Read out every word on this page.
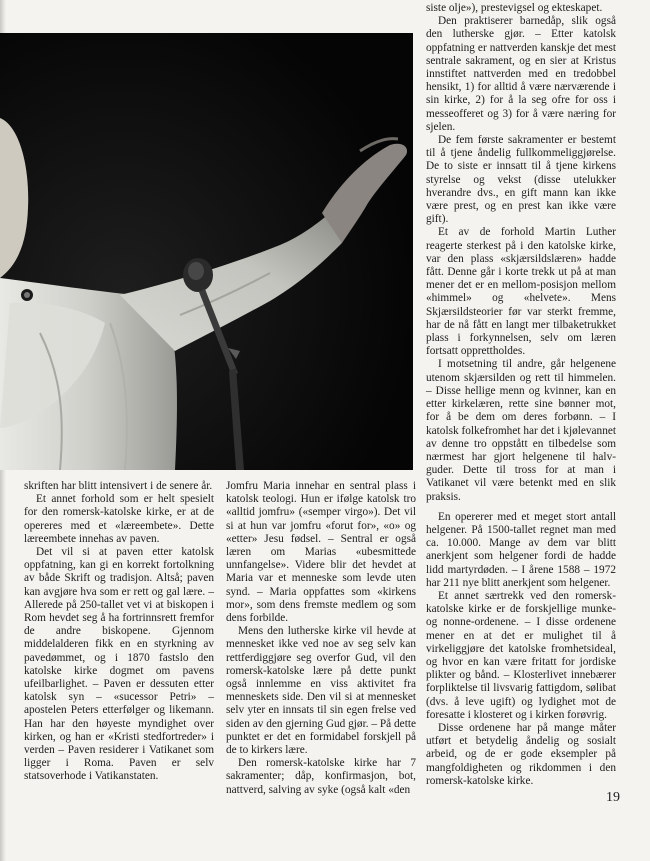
skriften har blitt intensivert i de senere år.

Et annet forhold som er helt spesielt for den romersk-katolske kirke, er at de opereres med et «læreembete». Dette læreembete innehas av paven.

Det vil si at paven etter katolsk oppfatning, kan gi en korrekt fortolkning av både Skrift og tradisjon. Altså; paven kan avgjøre hva som er rett og gal lære. – Allerede på 250-tallet vet vi at biskopen i Rom hevdet seg å ha fortrinnsrett fremfor de andre biskopene. Gjennom middelalderen fikk en en styrkning av pavedømmet, og i 1870 fastslo den katolske kirke dogmet om pavens ufeilbarlighet. – Paven er dessuten etter katolsk syn – «sucessor Petri» – apostelen Peters etterfølger og likemann. Han har den høyeste myndighet over kirken, og han er «Kristi stedfortreder» i verden – Paven residerer i Vatikanet som ligger i Roma. Paven er selv statsoverhode i Vatikanstaten.

Jomfru Maria innehar en sentral plass i katolsk teologi. Hun er ifølge katolsk tro «alltid jomfru» («semper virgo»). Det vil si at hun var jomfru «forut for», «ο» og «etter» Jesu fødsel. – Sentral er også læren om Marias «ubesmittede unnfangelse». Videre blir det hevdet at Maria var et menneske som levde uten synd. – Maria oppfattes som «kirkens mor», som dens fremste medlem og som dens forbilde.

Mens den lutherske kirke vil hevde at mennesket ikke ved noe av seg selv kan rettferdiggjøre seg overfor Gud, vil den romersk-katolske lære på dette punkt også innlemme en viss aktivitet fra menneskets side. Den vil si at mennesket selv yter en innsats til sin egen frelse ved siden av den gjerning Gud gjør. – På dette punktet er det en formidabel forskjell på de to kirkers lære.

Den romersk-katolske kirke har 7 sakramenter; dåp, konfirmasjon, bot, nattverd, salving av syke (også kalt «den

siste olje»), prestevigsel og ekteskapet.

Den praktiserer barnedåp, slik også den lutherske gjør. – Etter katolsk oppfatning er nattverden kanskje det mest sentrale sakrament, og en sier at Kristus innstiftet nattverden med en tredobbel hensikt, 1) for alltid å være nærværende i sin kirke, 2) for å la seg ofre for oss i messeofferet og 3) for å være næring for sjelen.

De fem første sakramenter er bestemt til å tjene åndelig fullkommeliggjørelse. De to siste er innsatt til å tjene kirkens styrelse og vekst (disse utelukker hverandre dvs., en gift mann kan ikke være prest, og en prest kan ikke være gift).

Et av de forhold Martin Luther reagerte sterkest på i den katolske kirke, var den plass «skjærsildslæren» hadde fått. Denne går i korte trekk ut på at man mener det er en mellom-posisjon mellom «himmel» og «helvete». Mens Skjærsildsteorier før var sterkt fremme, har de nå fått en langt mer tilbaketrukket plass i forkynnelsen, selv om læren fortsatt opprettholdes.

I motsetning til andre, går helgenene utenom skjærsilden og rett til himmelen. – Disse hellige menn og kvinner, kan en etter kirkelæren, rette sine bønner mot, for å be dem om deres forbønn. – I katolsk folkefromhet har det i kjølevannet av denne tro oppstått en tilbedelse som nærmest har gjort helgenene til halv-guder. Dette til tross for at man i Vatikanet vil være betenkt med en slik praksis.

En opererer med et meget stort antall helgener. På 1500-tallet regnet man med ca. 10.000. Mange av dem var blitt anerkjent som helgener fordi de hadde lidd martyrdøden. – I årene 1588 – 1972 har 211 nye blitt anerkjent som helgener.

Et annet særtrekk ved den romersk-katolske kirke er de forskjellige munke- og nonne-ordenene. – I disse ordenene mener en at det er mulighet til å virkeliggjøre det katolske fromhetsideal, og hvor en kan være fritatt for jordiske plikter og bånd. – Klosterlivet innebærer forpliktelse til livsvarig fattigdom, sølibat (dvs. å leve ugift) og lydighet mot de foresatte i klosteret og i kirken forøvrig.

Disse ordenene har på mange måter utført et betydelig åndelig og sosialt arbeid, og de er gode eksempler på mangfoldigheten og rikdommen i den romersk-katolske kirke.

19
